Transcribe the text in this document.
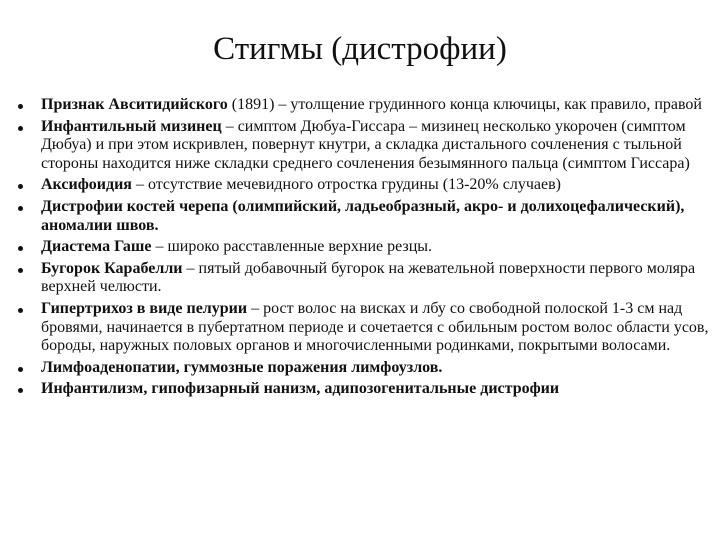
Стигмы (дистрофии)
Признак Авситидийского (1891) – утолщение грудинного конца ключицы, как правило, правой
Инфантильный мизинец – симптом Дюбуа-Гиссара – мизинец несколько укорочен (симптом Дюбуа) и при этом искривлен, повернут кнутри, а складка дистального сочленения с тыльной стороны находится ниже складки среднего сочленения безымянного пальца (симптом Гиссара)
Аксифоидия – отсутствие мечевидного отростка грудины (13-20% случаев)
Дистрофии костей черепа (олимпийский, ладьеобразный, акро- и долихоцефалический), аномалии швов.
Диастема Гаше – широко расставленные верхние резцы.
Бугорок Карабелли – пятый добавочный бугорок на жевательной поверхности первого моляра верхней челюсти.
Гипертрихоз в виде пелурии – рост волос на висках и лбу со свободной полоской 1-3 см над бровями, начинается в пубертатном периоде и сочетается с обильным ростом волос области усов, бороды, наружных половых органов и многочисленными родинками, покрытыми волосами.
Лимфоаденопатии, гуммозные поражения лимфоузлов.
Инфантилизм, гипофизарный нанизм, адипозогенитальные дистрофии
